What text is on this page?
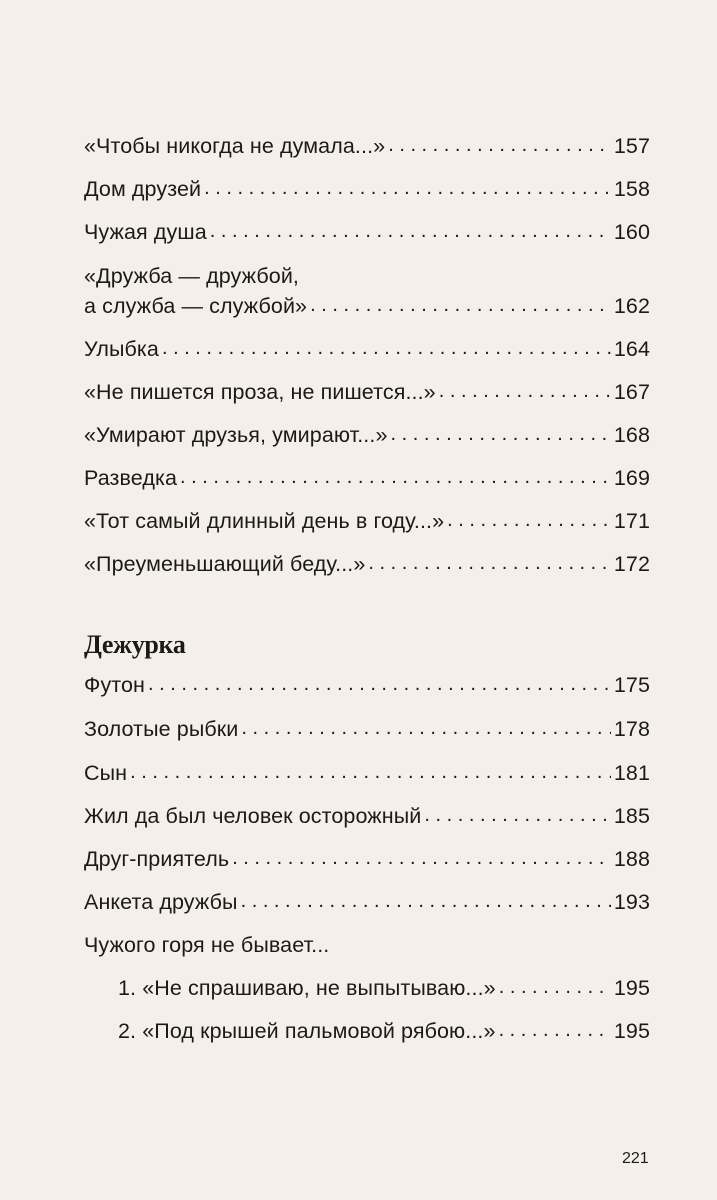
«Чтобы никогда не думала...» . . .	157
Дом друзей . . .	158
Чужая душа . . .	160
«Дружба — дружбой,
а служба — службой» . . .	162
Улыбка . . .	164
«Не пишется проза, не пишется...» . . .	167
«Умирают друзья, умирают...» . . .	168
Разведка . . .	169
«Тот самый длинный день в году...» . . .	171
«Преуменьшающий беду...» . . .	172
Дежурка
Футон . . .	175
Золотые рыбки . . .	178
Сын . . .	181
Жил да был человек осторожный . . .	185
Друг-приятель . . .	188
Анкета дружбы . . .	193
Чужого горя не бывает...
1. «Не спрашиваю, не выпытываю...» . . .	195
2. «Под крышей пальмовой рябою...» . . .	195
221
